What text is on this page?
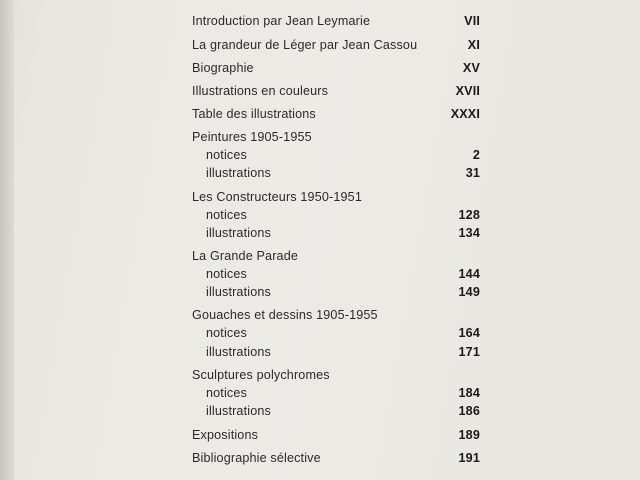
Introduction par Jean Leymarie	VII
La grandeur de Léger par Jean Cassou	XI
Biographie	XV
Illustrations en couleurs	XVII
Table des illustrations	XXXI
Peintures 1905-1955
notices	2
illustrations	31
Les Constructeurs 1950-1951
notices	128
illustrations	134
La Grande Parade
notices	144
illustrations	149
Gouaches et dessins 1905-1955
notices	164
illustrations	171
Sculptures polychromes
notices	184
illustrations	186
Expositions	189
Bibliographie sélective	191
